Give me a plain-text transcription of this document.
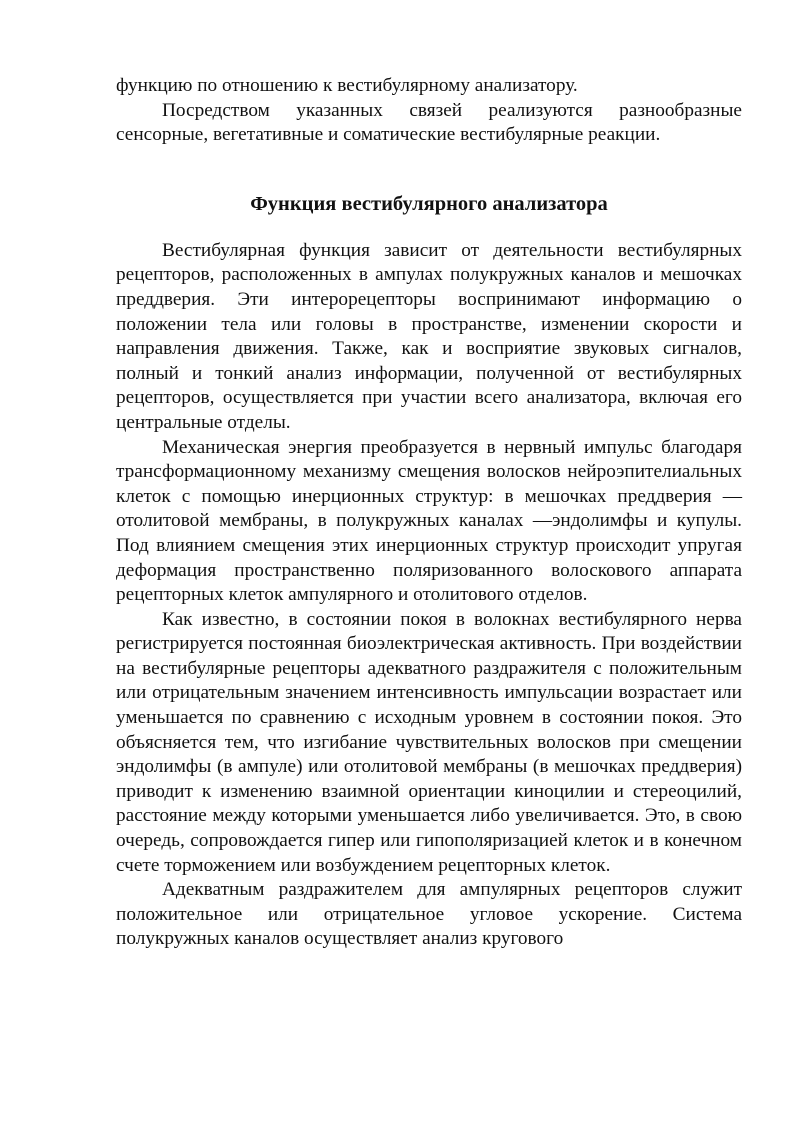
функцию по отношению к вестибулярному анализатору.

Посредством указанных связей реализуются разнообразные сенсорные, вегетативные и соматические вестибулярные реакции.

Функция вестибулярного анализатора

Вестибулярная функция зависит от деятельности вестибулярных рецепторов, расположенных в ампулах полукружных каналов и мешочках преддверия. Эти интерорецепторы воспринимают информацию о положении тела или головы в пространстве, изменении скорости и направления движения. Также, как и восприятие звуковых сигналов, полный и тонкий анализ информации, полученной от вестибулярных рецепторов, осуществляется при участии всего анализатора, включая его центральные отделы.

Механическая энергия преобразуется в нервный импульс благодаря трансформационному механизму смещения волосков нейроэпителиальных клеток с помощью инерционных структур: в мешочках преддверия —отолитовой мембраны, в полукружных каналах —эндолимфы и купулы. Под влиянием смещения этих инерционных структур происходит упругая деформация пространственно поляризованного волоскового аппарата рецепторных клеток ампулярного и отолитового отделов.

Как известно, в состоянии покоя в волокнах вестибулярного нерва регистрируется постоянная биоэлектрическая активность. При воздействии на вестибулярные рецепторы адекватного раздражителя с положительным или отрицательным значением интенсивность импульсации возрастает или уменьшается по сравнению с исходным уровнем в состоянии покоя. Это объясняется тем, что изгибание чувствительных волосков при смещении эндолимфы (в ампуле) или отолитовой мембраны (в мешочках преддверия) приводит к изменению взаимной ориентации киноцилии и стереоцилий, расстояние между которыми уменьшается либо увеличивается. Это, в свою очередь, сопровождается гипер или гипополяризацией клеток и в конечном счете торможением или возбуждением рецепторных клеток.

Адекватным раздражителем для ампулярных рецепторов служит положительное или отрицательное угловое ускорение. Система полукружных каналов осуществляет анализ кругового
